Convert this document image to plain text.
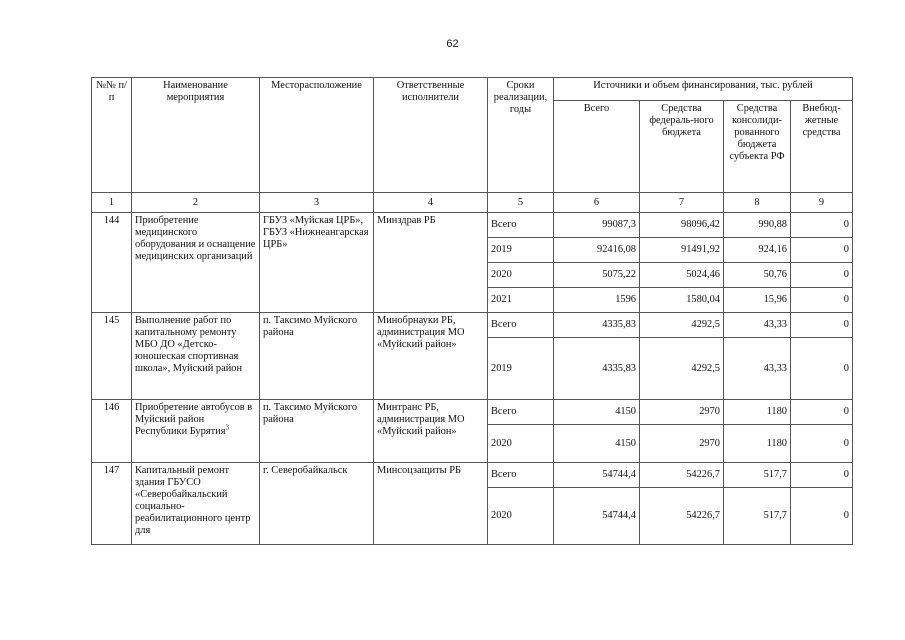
62
№№ п/п	Наименование мероприятия	Месторасположение	Ответственные исполнители	Сроки реализации, годы	Источники и объем финансирования, тыс. рублей			
					Всего	Средства федераль-ного бюджета	Средства консолиди-рованного бюджета субъекта РФ	Внебюд-жетные средства
1	2	3	4	5	6	7	8	9
144	Приобретение медицинского оборудования и оснащение медицинских организаций	ГБУЗ «Муйская ЦРБ», ГБУЗ «Нижнеангарская ЦРБ»	Минздрав РБ	Всего	99087,3	98096,42	990,88	0
				2019	92416,08	91491,92	924,16	0
				2020	5075,22	5024,46	50,76	0
				2021	1596	1580,04	15,96	0
145	Выполнение работ по капитальному ремонту МБО ДО «Детско-юношеская спортивная школа», Муйский район	п. Таксимо Муйского района	Минобрнауки РБ, администрация МО «Муйский район»	Всего	4335,83	4292,5	43,33	0
				2019	4335,83	4292,5	43,33	0
146	Приобретение автобусов в Муйский район Республики Бурятия$^3$	п. Таксимо Муйского района	Минтранс РБ, администрация МО «Муйский район»	Всего	4150	2970	1180	0
				2020	4150	2970	1180	0
147	Капитальный ремонт здания ГБУСО «Северобайкальский социально-реабилитационного центр для	г. Северобайкальск	Минсоцзащиты РБ	Всего	54744,4	54226,7	517,7	0
				2020	54744,4	54226,7	517,7	0
